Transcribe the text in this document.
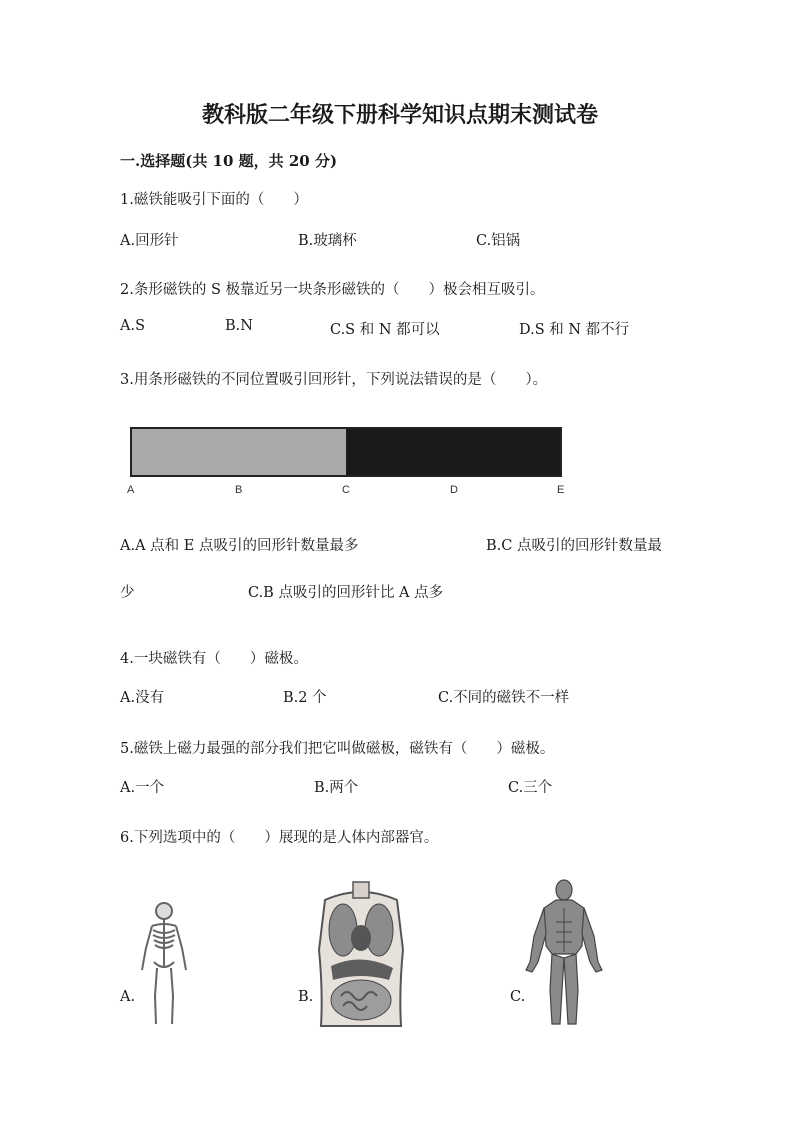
教科版二年级下册科学知识点期末测试卷
一.选择题(共 10 题，共 20 分)
1.磁铁能吸引下面的（　　）
A.回形针	B.玻璃杯	C.铝锅
2.条形磁铁的 S 极靠近另一块条形磁铁的（　　）极会相互吸引。
A.S	B.N	C.S 和 N 都可以	D.S 和 N 都不行
3.用条形磁铁的不同位置吸引回形针，下列说法错误的是（　　）。
A	B	C	D	E
A.A 点和 E 点吸引的回形针数量最多	B.C 点吸引的回形针数量最
少	C.B 点吸引的回形针比 A 点多
4.一块磁铁有（　　）磁极。
A.没有	B.2 个	C.不同的磁铁不一样
5.磁铁上磁力最强的部分我们把它叫做磁极，磁铁有（　　）磁极。
A.一个	B.两个	C.三个
6.下列选项中的（　　）展现的是人体内部器官。
A.	B.	C.
